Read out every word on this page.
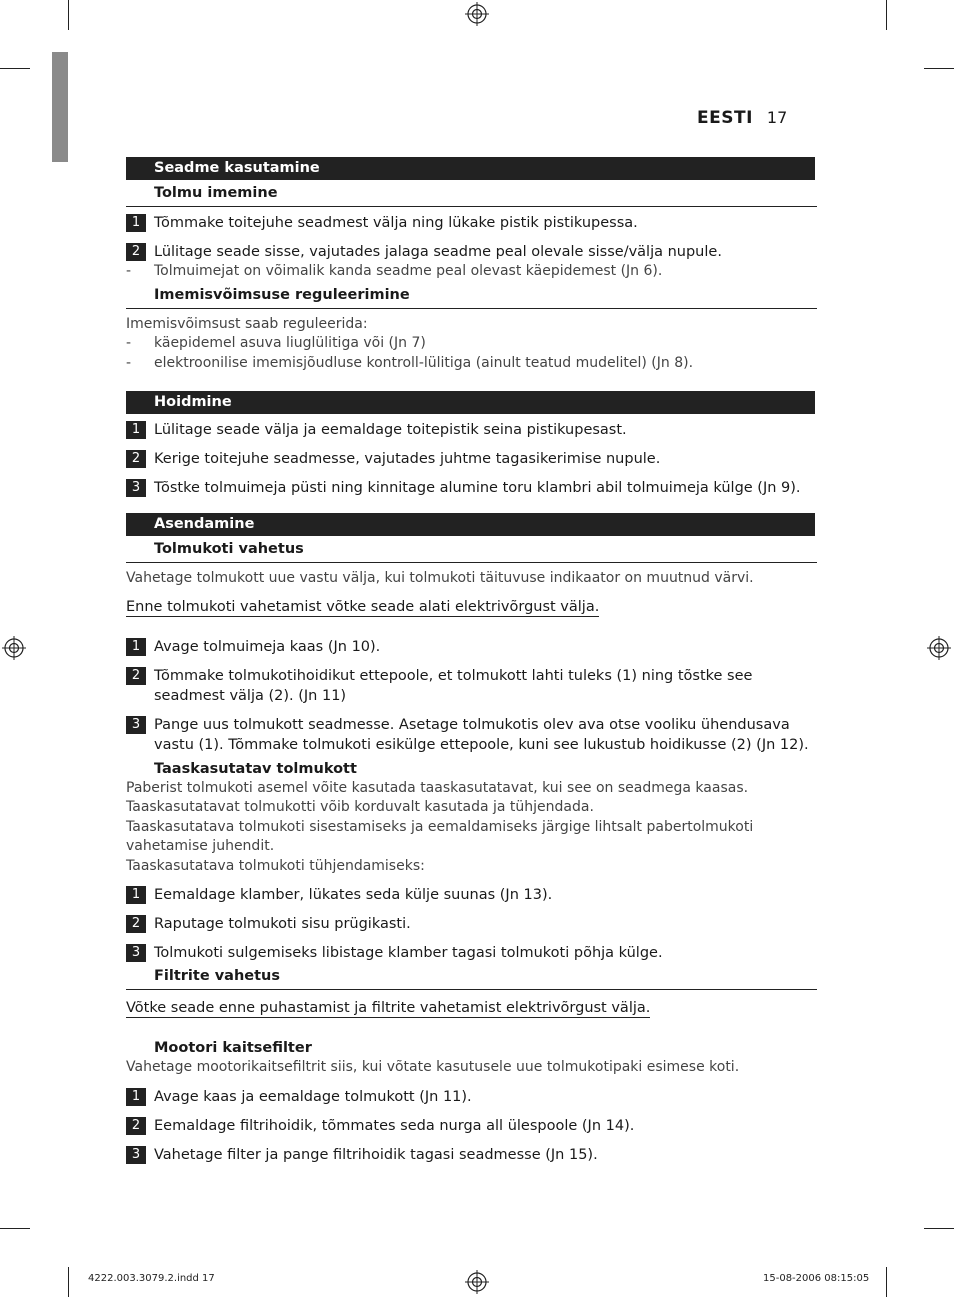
EESTI 17
Seadme kasutamine
Tolmu imemine
1 Tõmmake toitejuhe seadmest välja ning lükake pistik pistikupessa.
2 Lülitage seade sisse, vajutades jalaga seadme peal olevale sisse/välja nupule.
-	Tolmuimejat on võimalik kanda seadme peal olevast käepidemest (Jn 6).
Imemisvõimsuse reguleerimine
Imemisvõimsust saab reguleerida:
-	käepidemel asuva liuglülitiga või (Jn 7)
-	elektroonilise imemisjõudluse kontroll-lülitiga (ainult teatud mudelitel) (Jn 8).
Hoidmine
1 Lülitage seade välja ja eemaldage toitepistik seina pistikupesast.
2 Kerige toitejuhe seadmesse, vajutades juhtme tagasikerimise nupule.
3 Tõstke tolmuimeja püsti ning kinnitage alumine toru klambri abil tolmuimeja külge (Jn 9).
Asendamine
Tolmukoti vahetus
Vahetage tolmukott uue vastu välja, kui tolmukoti täituvuse indikaator on muutnud värvi.
Enne tolmukoti vahetamist võtke seade alati elektrivõrgust välja.
1 Avage tolmuimeja kaas (Jn 10).
2 Tõmmake tolmukotihoidikut ettepoole, et tolmukott lahti tuleks (1) ning tõstke see seadmest välja (2). (Jn 11)
3 Pange uus tolmukott seadmesse. Asetage tolmukotis olev ava otse vooliku ühendusava vastu (1). Tõmmake tolmukoti esikülge ettepoole, kuni see lukustub hoidikusse (2) (Jn 12).
Taaskasutatav tolmukott
Paberist tolmukoti asemel võite kasutada taaskasutatavat, kui see on seadmega kaasas. Taaskasutatavat tolmukotti võib korduvalt kasutada ja tühjendada.
Taaskasutatava tolmukoti sisestamiseks ja eemaldamiseks järgige lihtsalt pabertolmukoti vahetamise juhendit.
Taaskasutatava tolmukoti tühjendamiseks:
1 Eemaldage klamber, lükates seda külje suunas (Jn 13).
2 Raputage tolmukoti sisu prügikasti.
3 Tolmukoti sulgemiseks libistage klamber tagasi tolmukoti põhja külge.
Filtrite vahetus
Võtke seade enne puhastamist ja filtrite vahetamist elektrivõrgust välja.
Mootori kaitsefilter
Vahetage mootorikaitsefiltrit siis, kui võtate kasutusele uue tolmukotipaki esimese koti.
1 Avage kaas ja eemaldage tolmukott (Jn 11).
2 Eemaldage filtrihoidik, tõmmates seda nurga all ülespoole (Jn 14).
3 Vahetage filter ja pange filtrihoidik tagasi seadmesse (Jn 15).
4222.003.3079.2.indd 17	15-08-2006 08:15:05
